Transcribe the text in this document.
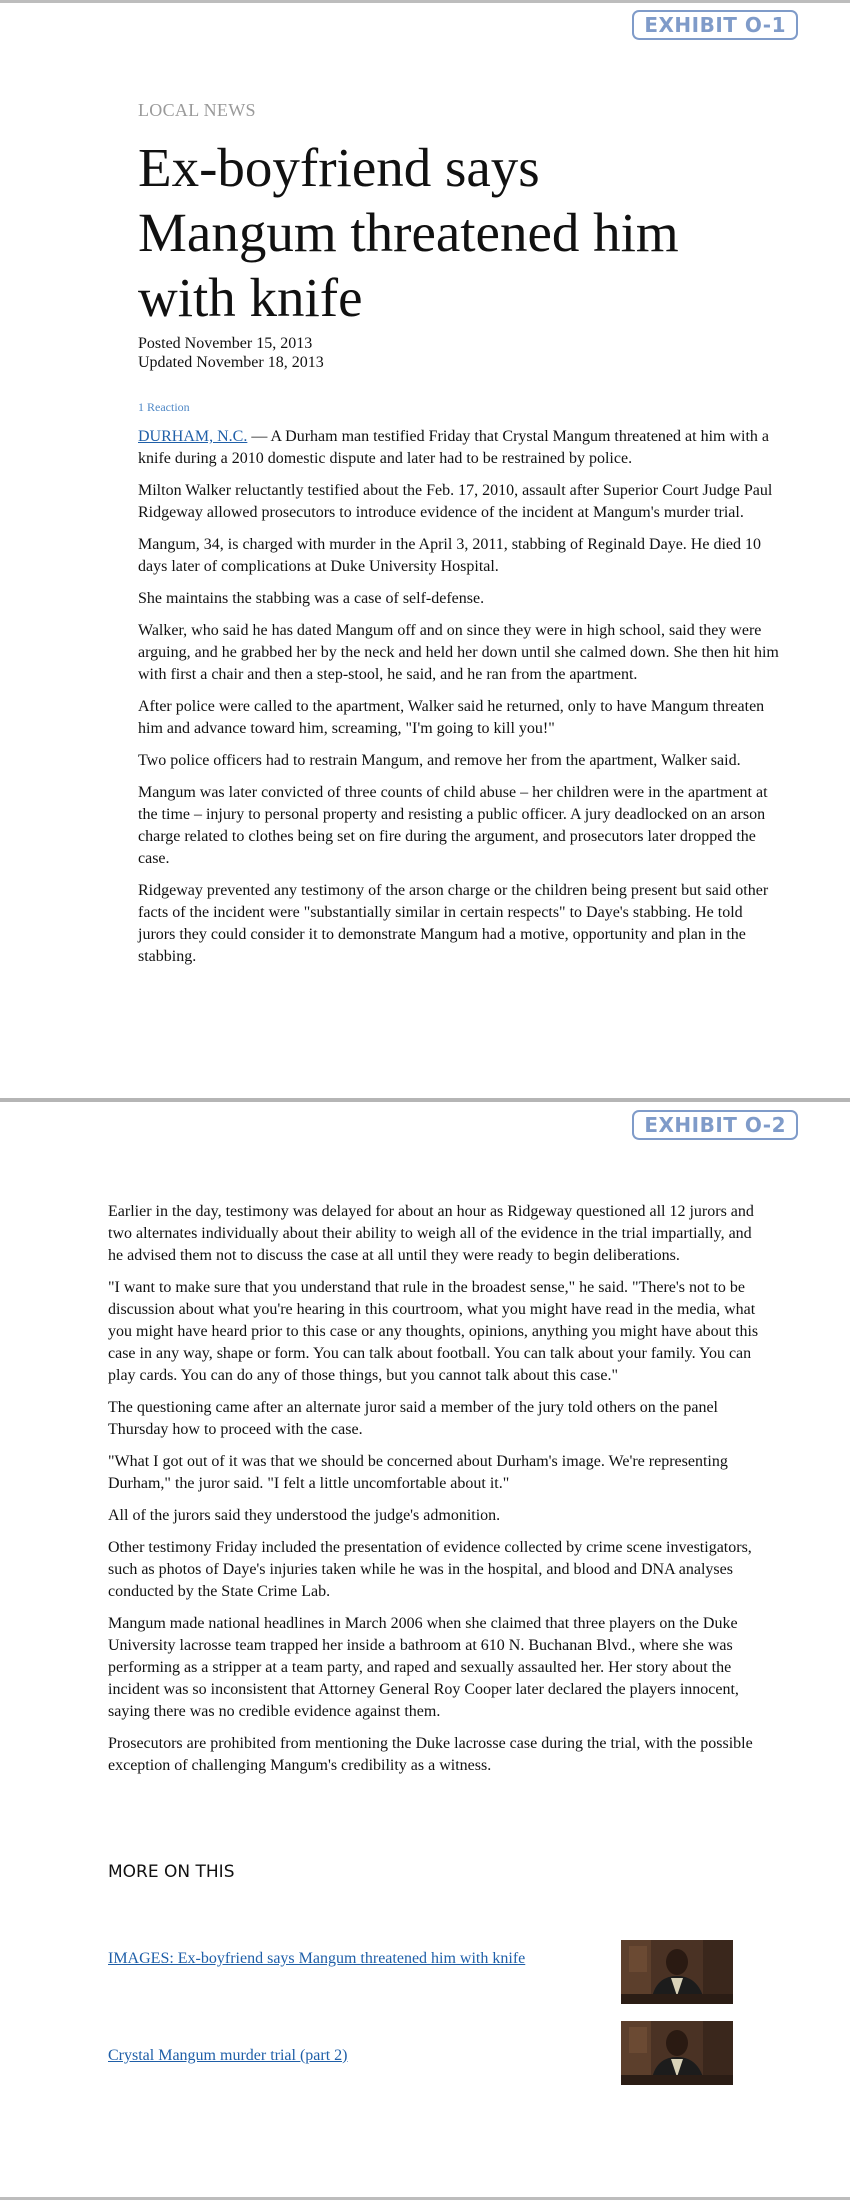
EXHIBIT O-1
LOCAL NEWS
Ex-boyfriend says Mangum threatened him with knife
Posted November 15, 2013
Updated November 18, 2013
1 Reaction

DURHAM, N.C. — A Durham man testified Friday that Crystal Mangum threatened at him with a knife during a 2010 domestic dispute and later had to be restrained by police.

Milton Walker reluctantly testified about the Feb. 17, 2010, assault after Superior Court Judge Paul Ridgeway allowed prosecutors to introduce evidence of the incident at Mangum's murder trial.

Mangum, 34, is charged with murder in the April 3, 2011, stabbing of Reginald Daye. He died 10 days later of complications at Duke University Hospital.

She maintains the stabbing was a case of self-defense.

Walker, who said he has dated Mangum off and on since they were in high school, said they were arguing, and he grabbed her by the neck and held her down until she calmed down. She then hit him with first a chair and then a step-stool, he said, and he ran from the apartment.

After police were called to the apartment, Walker said he returned, only to have Mangum threaten him and advance toward him, screaming, "I'm going to kill you!"

Two police officers had to restrain Mangum, and remove her from the apartment, Walker said.

Mangum was later convicted of three counts of child abuse – her children were in the apartment at the time – injury to personal property and resisting a public officer. A jury deadlocked on an arson charge related to clothes being set on fire during the argument, and prosecutors later dropped the case.

Ridgeway prevented any testimony of the arson charge or the children being present but said other facts of the incident were "substantially similar in certain respects" to Daye's stabbing. He told jurors they could consider it to demonstrate Mangum had a motive, opportunity and plan in the stabbing.

EXHIBIT O-2

Earlier in the day, testimony was delayed for about an hour as Ridgeway questioned all 12 jurors and two alternates individually about their ability to weigh all of the evidence in the trial impartially, and he advised them not to discuss the case at all until they were ready to begin deliberations.

"I want to make sure that you understand that rule in the broadest sense," he said. "There's not to be discussion about what you're hearing in this courtroom, what you might have read in the media, what you might have heard prior to this case or any thoughts, opinions, anything you might have about this case in any way, shape or form. You can talk about football. You can talk about your family. You can play cards. You can do any of those things, but you cannot talk about this case."

The questioning came after an alternate juror said a member of the jury told others on the panel Thursday how to proceed with the case.

"What I got out of it was that we should be concerned about Durham's image. We're representing Durham," the juror said. "I felt a little uncomfortable about it."

All of the jurors said they understood the judge's admonition.

Other testimony Friday included the presentation of evidence collected by crime scene investigators, such as photos of Daye's injuries taken while he was in the hospital, and blood and DNA analyses conducted by the State Crime Lab.

Mangum made national headlines in March 2006 when she claimed that three players on the Duke University lacrosse team trapped her inside a bathroom at 610 N. Buchanan Blvd., where she was performing as a stripper at a team party, and raped and sexually assaulted her. Her story about the incident was so inconsistent that Attorney General Roy Cooper later declared the players innocent, saying there was no credible evidence against them.

Prosecutors are prohibited from mentioning the Duke lacrosse case during the trial, with the possible exception of challenging Mangum's credibility as a witness.

MORE ON THIS
IMAGES: Ex-boyfriend says Mangum threatened him with knife
Crystal Mangum murder trial (part 2)
